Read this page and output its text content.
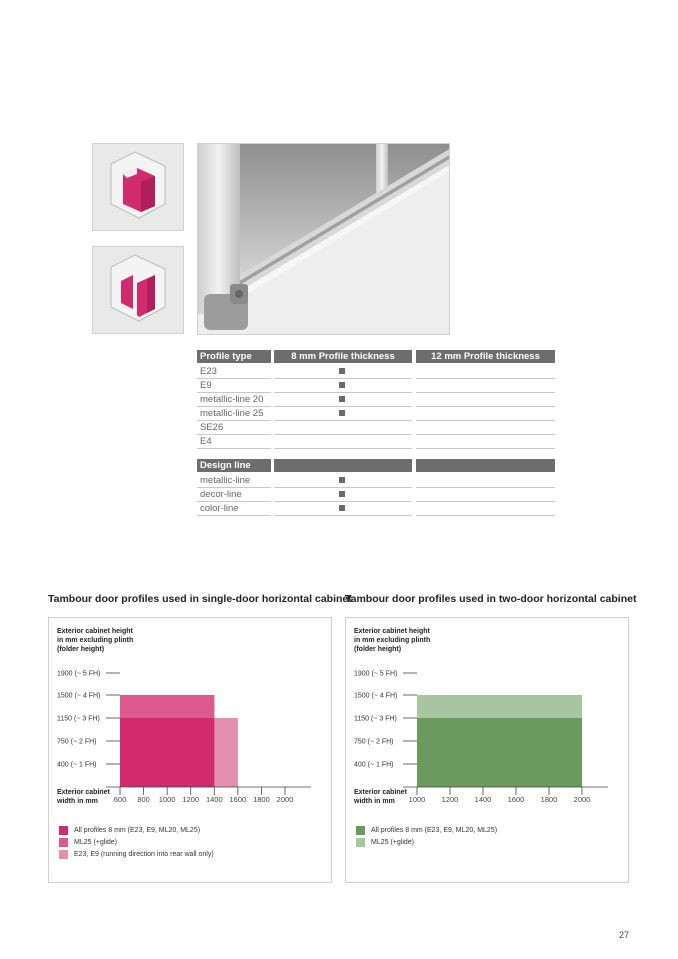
Profile type	8 mm Profile thickness	12 mm Profile thickness
E23
E9
metallic-line 20
metallic-line 25
SE26
E4
Design line
metallic-line
decor-line
color-line
Tambour door profiles used in single-door horizontal cabinet
Tambour door profiles used in two-door horizontal cabinet
Exterior cabinet height
in mm excluding plinth
(folder height)
Exterior cabinet
width in mm
1900 (~ 5 FH)
1500 (~ 4 FH)
1150 (~ 3 FH)
750 (~ 2 FH)
400 (~ 1 FH)
600 800 1000 1200 1400 1600 1800 2000
All profiles 8 mm (E23, E9, ML20, ML25)
ML25 (+glide)
E23, E9 (running direction into rear wall only)
Exterior cabinet height
in mm excluding plinth
(folder height)
Exterior cabinet
width in mm
1900 (~ 5 FH)
1500 (~ 4 FH)
1150 (~ 3 FH)
750 (~ 2 FH)
400 (~ 1 FH)
1000 1200 1400 1600 1800 2000
All profiles 8 mm (E23, E9, ML20, ML25)
ML25 (+glide)
27
